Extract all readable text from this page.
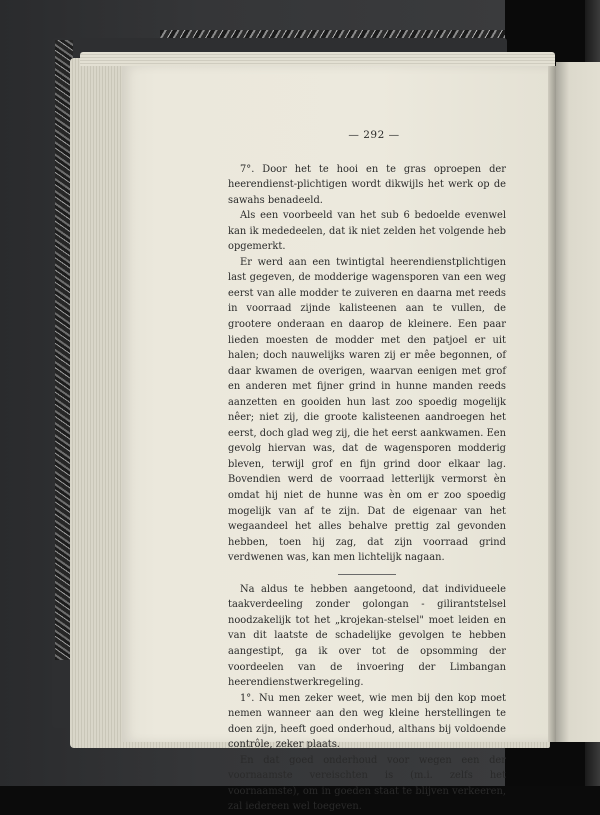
— 292 —

7°. Door het te hooi en te gras oproepen der heerendienst-plichtigen wordt dikwijls het werk op de sawahs benadeeld.

Als een voorbeeld van het sub 6 bedoelde evenwel kan ik mededeelen, dat ik niet zelden het volgende heb opgemerkt.

Er werd aan een twintigtal heerendienstplichtigen last gegeven, de modderige wagensporen van een weg eerst van alle modder te zuiveren en daarna met reeds in voorraad zijnde kalisteenen aan te vullen, de grootere onderaan en daarop de kleinere. Een paar lieden moesten de modder met den patjoel er uit halen; doch nauwelijks waren zij er mêe begonnen, of daar kwamen de overigen, waarvan eenigen met grof en anderen met fijner grind in hunne manden reeds aanzetten en gooiden hun last zoo spoedig mogelijk nêer; niet zij, die groote kalisteenen aandroegen het eerst, doch glad weg zij, die het eerst aankwamen. Een gevolg hiervan was, dat de wagensporen modderig bleven, terwijl grof en fijn grind door elkaar lag. Bovendien werd de voorraad letterlijk vermorst èn omdat hij niet de hunne was èn om er zoo spoedig mogelijk van af te zijn. Dat de eigenaar van het wegaandeel het alles behalve prettig zal gevonden hebben, toen hij zag, dat zijn voorraad grind verdwenen was, kan men lichtelijk nagaan.

Na aldus te hebben aangetoond, dat individueele taakverdeeling zonder golongan - gilirantstelsel noodzakelijk tot het „krojekan-stelsel" moet leiden en van dit laatste de schadelijke gevolgen te hebben aangestipt, ga ik over tot de opsomming der voordeelen van de invoering der Limbangan heerendienstwerkregeling.

1°. Nu men zeker weet, wie men bij den kop moet nemen wanneer aan den weg kleine herstellingen te doen zijn, heeft goed onderhoud, althans bij voldoende contrôle, zeker plaats.

En dat goed onderhoud voor wegen een der voornaamste vereischten is (m.i. zelfs het voornaamste), om in goeden staat te blijven verkeeren, zal iedereen wel toegeven.
